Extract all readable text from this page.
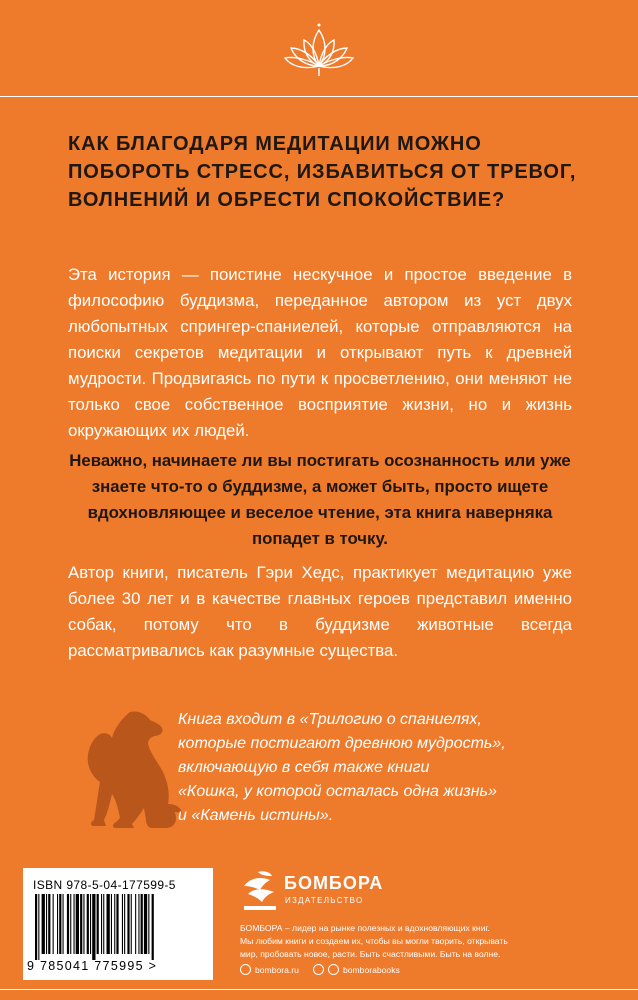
КАК БЛАГОДАРЯ МЕДИТАЦИИ МОЖНО
ПОБОРОТЬ СТРЕСС, ИЗБАВИТЬСЯ ОТ ТРЕВОГ,
ВОЛНЕНИЙ И ОБРЕСТИ СПОКОЙСТВИЕ?

Эта история — поистине нескучное и простое введение в философию буддизма, переданное автором из уст двух любопытных спрингер-спаниелей, которые отправляются на поиски секретов медитации и открывают путь к древней мудрости. Продвигаясь по пути к просветлению, они меняют не только свое собственное восприятие жизни, но и жизнь окружающих их людей.

Неважно, начинаете ли вы постигать осознанность или уже знаете что-то о буддизме, а может быть, просто ищете вдохновляющее и веселое чтение, эта книга наверняка попадет в точку.

Автор книги, писатель Гэри Хедс, практикует медитацию уже более 30 лет и в качестве главных героев представил именно собак, потому что в буддизме животные всегда рассматривались как разумные существа.

Книга входит в «Трилогию о спаниелях,
которые постигают древнюю мудрость»,
включающую в себя также книги
«Кошка, у которой осталась одна жизнь»
и «Камень истины».
ISBN 978-5-04-177599-5
9 785041 775995 >
БОМБОРА
ИЗДАТЕЛЬСТВО
БОМБОРА – лидер на рынке полезных и вдохновляющих книг.
Мы любим книги и создаем их, чтобы вы могли творить, открывать
мир, пробовать новое, расти. Быть счастливыми. Быть на волне.
bombora.ru	bomborabooks
